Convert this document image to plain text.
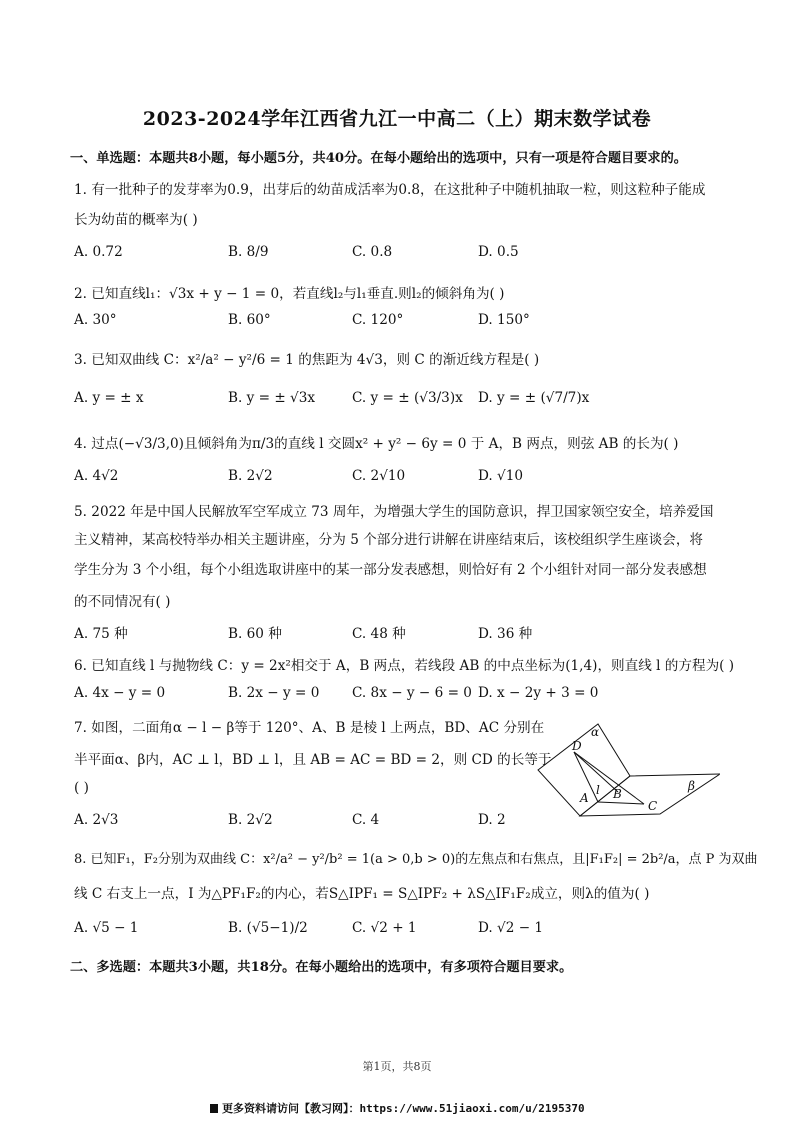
2023-2024学年江西省九江一中高二（上）期末数学试卷
一、单选题：本题共8小题，每小题5分，共40分。在每小题给出的选项中，只有一项是符合题目要求的。
1. 有一批种子的发芽率为0.9，出芽后的幼苗成活率为0.8，在这批种子中随机抽取一粒，则这粒种子能成
长为幼苗的概率为( )
A. 0.72	B. 8/9	C. 0.8	D. 0.5
2. 已知直线l₁：√3x + y − 1 = 0，若直线l₂与l₁垂直.则l₂的倾斜角为( )
A. 30°	B. 60°	C. 120°	D. 150°
3. 已知双曲线 C：x²/a² − y²/6 = 1 的焦距为 4√3，则 C 的渐近线方程是( )
A. y = ± x	B. y = ± √3x	C. y = ± (√3/3)x D. y = ± (√7/7)x
4. 过点(−√3/3,0)且倾斜角为π/3的直线 l 交圆x² + y² − 6y = 0 于 A，B 两点，则弦 AB 的长为( )
A. 4√2	B. 2√2	C. 2√10	D. √10
5. 2022 年是中国人民解放军空军成立 73 周年，为增强大学生的国防意识，捍卫国家领空安全，培养爱国
主义精神，某高校特举办相关主题讲座，分为 5 个部分进行讲解在讲座结束后，该校组织学生座谈会，将
学生分为 3 个小组，每个小组选取讲座中的某一部分发表感想，则恰好有 2 个小组针对同一部分发表感想
的不同情况有( )
A. 75 种	B. 60 种	C. 48 种	D. 36 种
6. 已知直线 l 与抛物线 C：y = 2x²相交于 A，B 两点，若线段 AB 的中点坐标为(1,4)，则直线 l 的方程为( )
A. 4x − y = 0	B. 2x − y = 0 C. 8x − y − 6 = 0 D. x − 2y + 3 = 0
7. 如图，二面角α − l − β等于 120°、A、B 是棱 l 上两点，BD、AC 分别在
半平面α、β内，AC ⊥ l，BD ⊥ l，且 AB = AC = BD = 2，则 CD 的长等于
( )
D
α
A
l B
C
β
A. 2√3	B. 2√2	C. 4	D. 2
8. 已知F₁，F₂分别为双曲线 C：x²/a² − y²/b² = 1(a > 0,b > 0)的左焦点和右焦点，且|F₁F₂| = 2b²/a，点 P 为双曲
线 C 右支上一点，I 为△PF₁F₂的内心，若S△IPF₁ = S△IPF₂ + λS△IF₁F₂成立，则λ的值为( )
A. √5 − 1	B. (√5−1)/2	C. √2 + 1	D. √2 − 1
二、多选题：本题共3小题，共18分。在每小题给出的选项中，有多项符合题目要求。
第1页，共8页
更多资料请访问【教习网】：https://www.51jiaoxi.com/u/2195370
